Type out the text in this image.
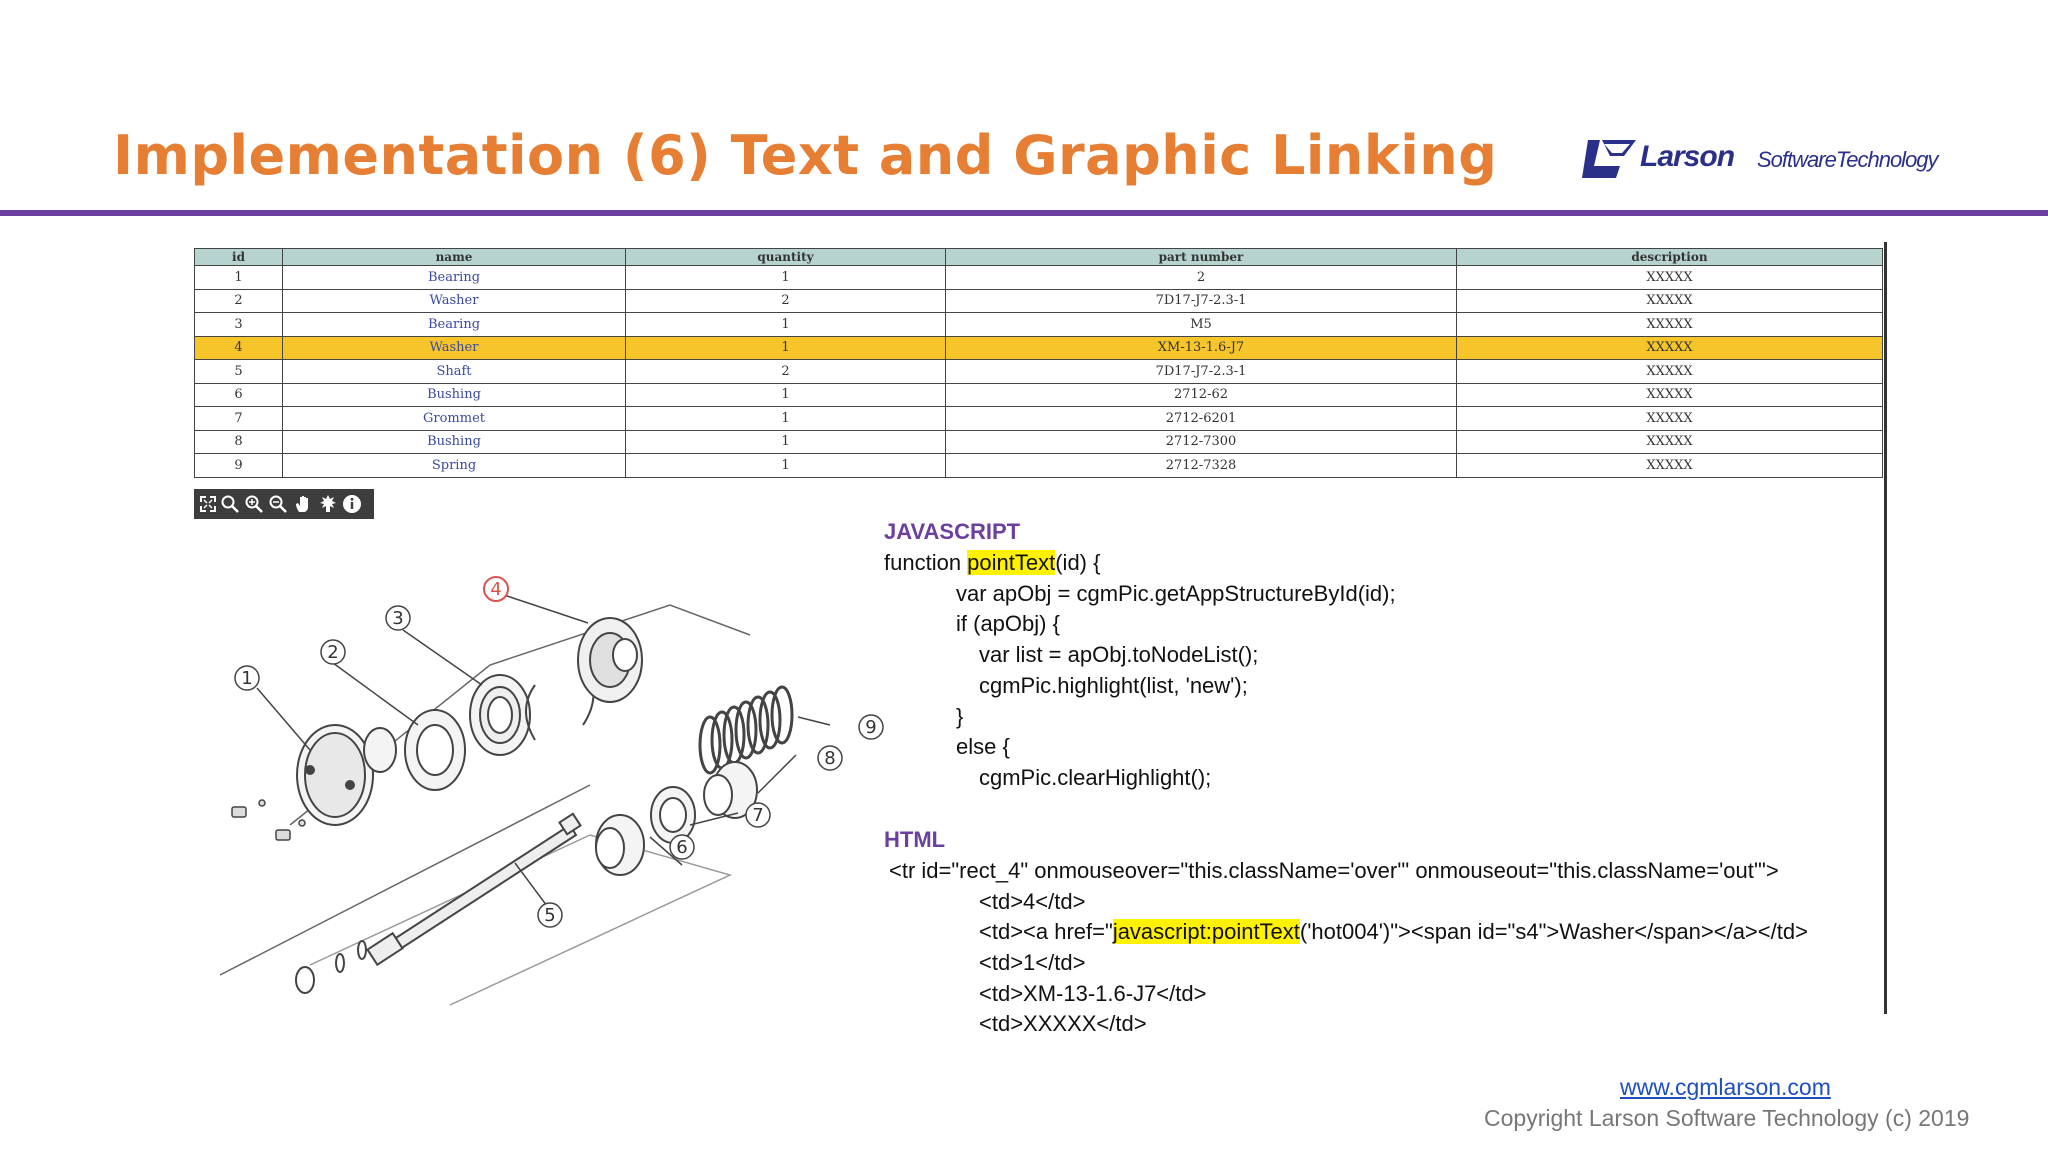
Implementation (6) Text and Graphic Linking	Larson SoftwareTechnology
id	name	quantity	part number	description
1	Bearing	1	2	XXXXX
2	Washer	2	7D17-J7-2.3-1	XXXXX
3	Bearing	1	M5	XXXXX
4	Washer	1	XM-13-1.6-J7	XXXXX
5	Shaft	2	7D17-J7-2.3-1	XXXXX
6	Bushing	1	2712-62	XXXXX
7	Grommet	1	2712-6201	XXXXX
8	Bushing	1	2712-7300	XXXXX
9	Spring	1	2712-7328	XXXXX
1
2
3
4
5
6
7
8
9
JAVASCRIPT
function pointText(id) {
var apObj = cgmPic.getAppStructureById(id);
if (apObj) {
var list = apObj.toNodeList();
cgmPic.highlight(list, 'new');
}
else {
cgmPic.clearHighlight();
HTML
<tr id="rect_4" onmouseover="this.className='over'" onmouseout="this.className='out'">
<td>4</td>
<td><a href="javascript:pointText('hot004')"><span id="s4">Washer</span></a></td>
<td>1</td>
<td>XM-13-1.6-J7</td>
<td>XXXXX</td>
www.cgmlarson.com
Copyright Larson Software Technology (c) 2019
